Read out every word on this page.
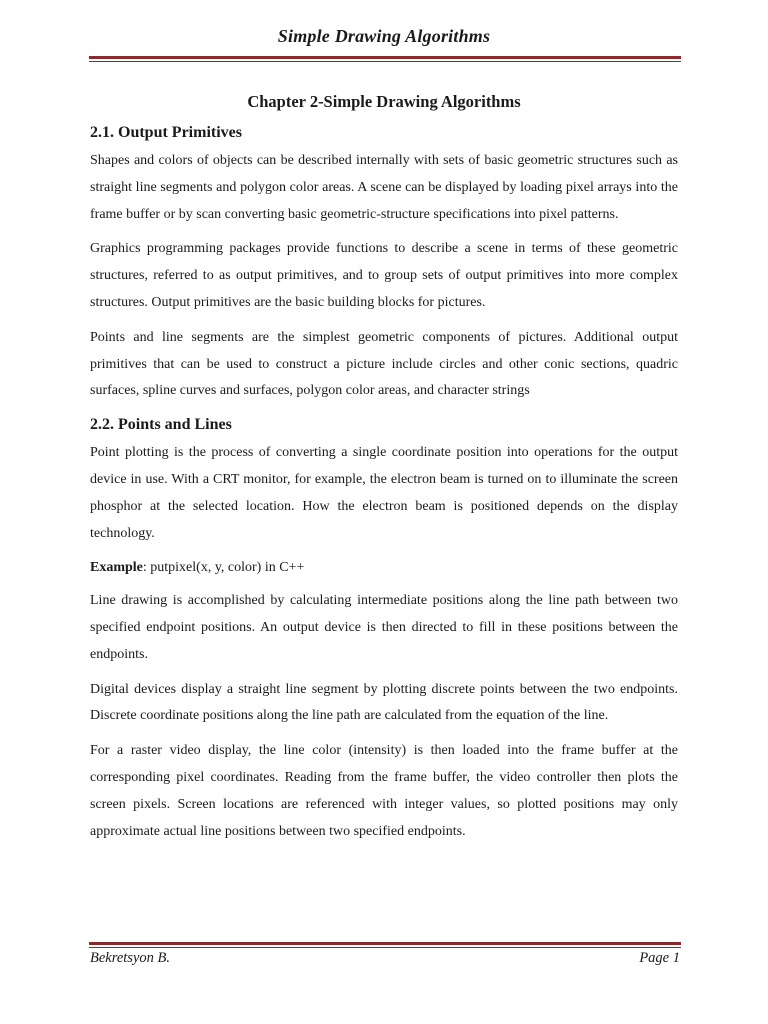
Simple Drawing Algorithms
Chapter 2-Simple Drawing Algorithms
2.1. Output Primitives

Shapes and colors of objects can be described internally with sets of basic geometric structures such as straight line segments and polygon color areas. A scene can be displayed by loading pixel arrays into the frame buffer or by scan converting basic geometric-structure specifications into pixel patterns.

Graphics programming packages provide functions to describe a scene in terms of these geometric structures, referred to as output primitives, and to group sets of output primitives into more complex structures. Output primitives are the basic building blocks for pictures.

Points and line segments are the simplest geometric components of pictures. Additional output primitives that can be used to construct a picture include circles and other conic sections, quadric surfaces, spline curves and surfaces, polygon color areas, and character strings

2.2. Points and Lines

Point plotting is the process of converting a single coordinate position into operations for the output device in use. With a CRT monitor, for example, the electron beam is turned on to illuminate the screen phosphor at the selected location. How the electron beam is positioned depends on the display technology.

Example: putpixel(x, y, color) in C++

Line drawing is accomplished by calculating intermediate positions along the line path between two specified endpoint positions. An output device is then directed to fill in these positions between the endpoints.

Digital devices display a straight line segment by plotting discrete points between the two endpoints. Discrete coordinate positions along the line path are calculated from the equation of the line.

For a raster video display, the line color (intensity) is then loaded into the frame buffer at the corresponding pixel coordinates. Reading from the frame buffer, the video controller then plots the screen pixels. Screen locations are referenced with integer values, so plotted positions may only approximate actual line positions between two specified endpoints.

Bekretsyon B.	Page 1
